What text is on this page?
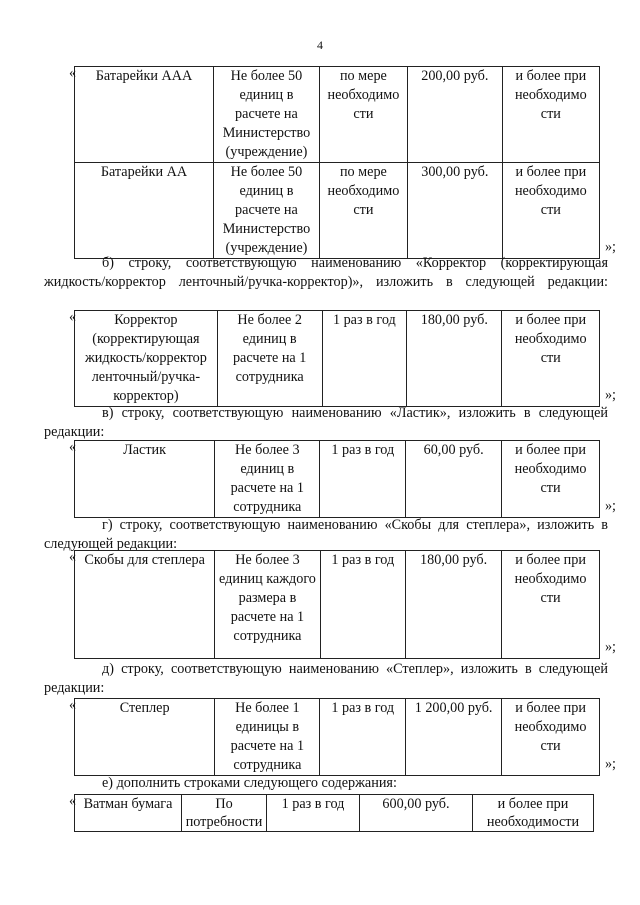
4
« Батарейки ААА	Не более 50 единиц в расчете на Министерство (учреждение)	по мере необходимо сти	200,00 руб.	и более при необходимо сти
Батарейки АА	Не более 50 единиц в расчете на Министерство (учреждение)	по мере необходимо сти	300,00 руб.	и более при необходимо сти
»;
б) строку, соответствующую наименованию «Корректор (корректирующая жидкость/корректор ленточный/ручка-корректор)», изложить в следующей редакции:
«	Корректор (корректирующая жидкость/корректор ленточный/ручка-корректор)	Не более 2 единиц в расчете на 1 сотрудника	1 раз в год	180,00 руб.	и более при необходимо сти
»;
в) строку, соответствующую наименованию «Ластик», изложить в следующей редакции:
«	Ластик	Не более 3 единиц в расчете на 1 сотрудника	1 раз в год	60,00 руб.	и более при необходимо сти
»;
г) строку, соответствующую наименованию «Скобы для степлера», изложить в следующей редакции:
« Скобы для степлера	Не более 3 единиц каждого размера в расчете на 1 сотрудника	1 раз в год	180,00 руб.	и более при необходимо сти
»;
д) строку, соответствующую наименованию «Степлер», изложить в следующей редакции:
«	Степлер	Не более 1 единицы в расчете на 1 сотрудника	1 раз в год	1 200,00 руб.	и более при необходимо сти
»;
е) дополнить строками следующего содержания:
« Ватман бумага	По потребности	1 раз в год	600,00 руб.	и более при необходимости
